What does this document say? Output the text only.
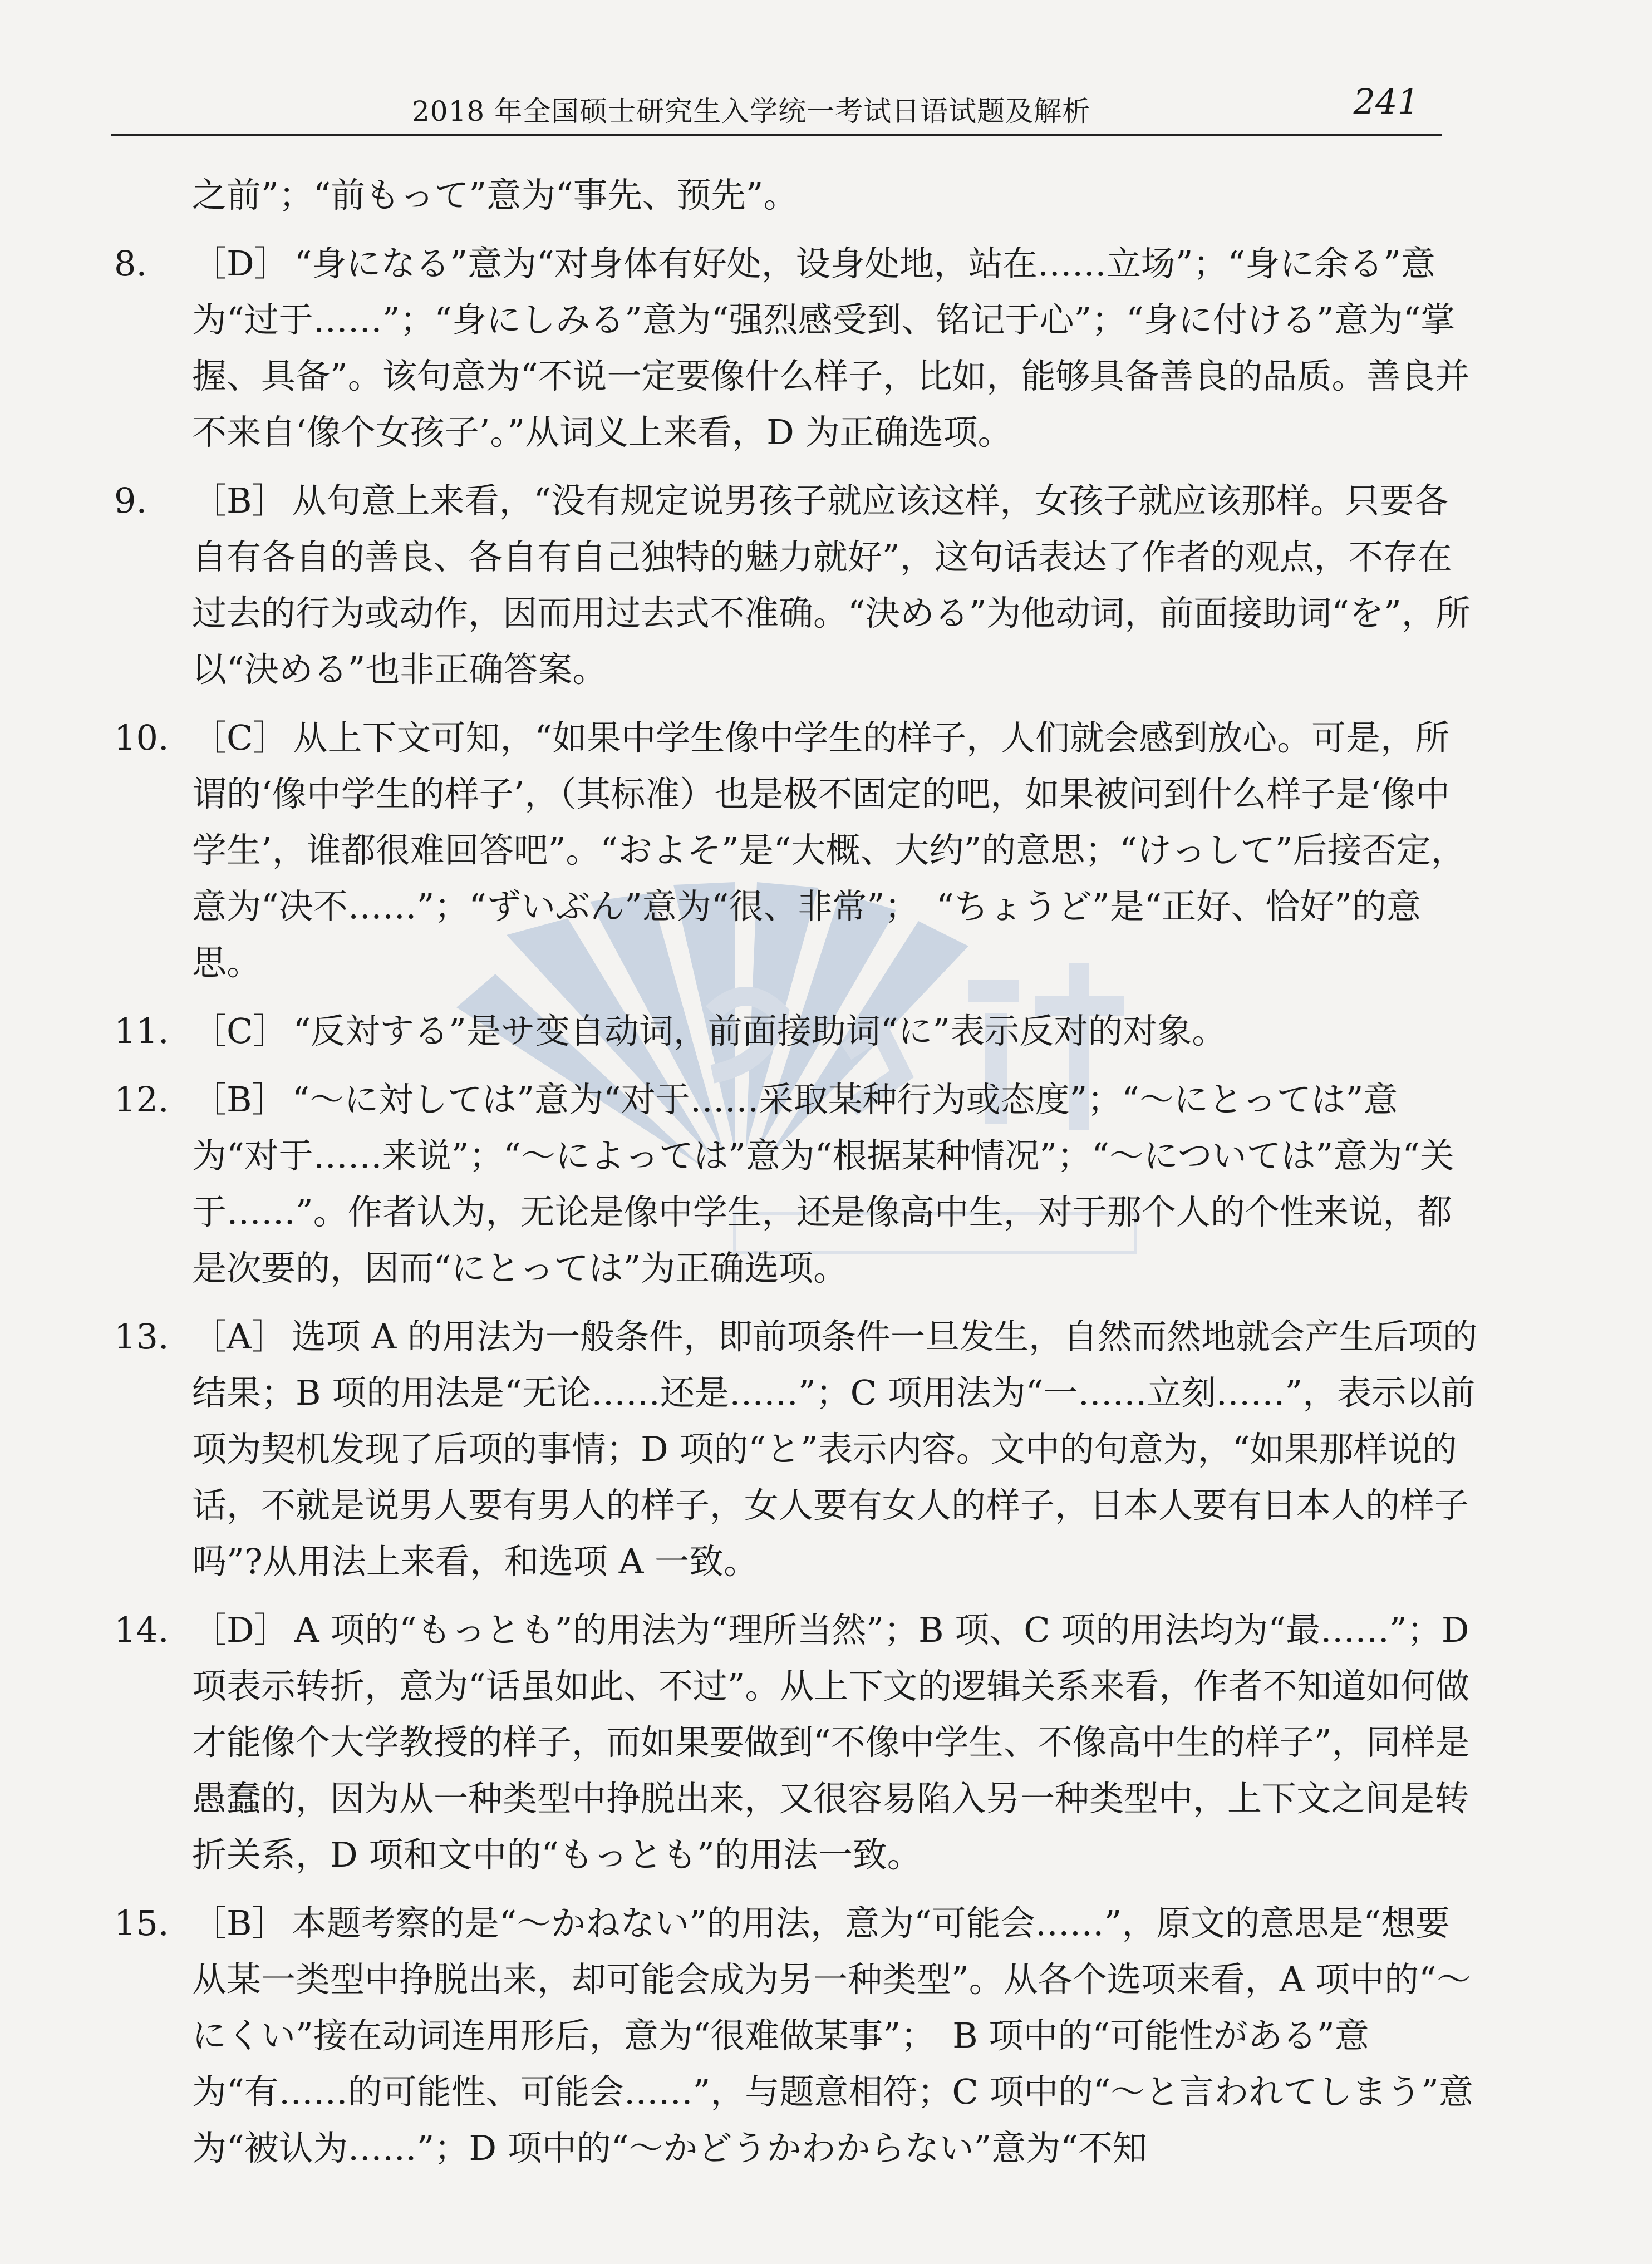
2018 年全国硕士研究生入学统一考试日语试题及解析	241
之前”；“前もって”意为“事先、预先”。
8. ［D］ “身になる”意为“对身体有好处，设身处地，站在……立场”；“身に余る”意为“过于……”；“身にしみる”意为“强烈感受到、铭记于心”；“身に付ける”意为“掌握、具备”。该句意为“不说一定要像什么样子，比如，能够具备善良的品质。善良并不来自‘像个女孩子’。”从词义上来看，D 为正确选项。
9. ［B］ 从句意上来看，“没有规定说男孩子就应该这样，女孩子就应该那样。只要各自有各自的善良、各自有自己独特的魅力就好”，这句话表达了作者的观点，不存在过去的行为或动作，因而用过去式不准确。“決める”为他动词，前面接助词“を”，所以“決める”也非正确答案。
10. ［C］ 从上下文可知，“如果中学生像中学生的样子，人们就会感到放心。可是，所谓的‘像中学生的样子’，（其标准）也是极不固定的吧，如果被问到什么样子是‘像中学生’，谁都很难回答吧”。“およそ”是“大概、大约”的意思；“けっして”后接否定，意为“决不……”；“ずいぶん”意为“很、非常”；　“ちょうど”是“正好、恰好”的意思。
11. ［C］ “反対する”是サ变自动词，前面接助词“に”表示反对的对象。
12. ［B］ “～に対しては”意为“对于……采取某种行为或态度”；“～にとっては”意为“对于……来说”；“～によっては”意为“根据某种情况”；“～については”意为“关于……”。作者认为，无论是像中学生，还是像高中生，对于那个人的个性来说，都是次要的，因而“にとっては”为正确选项。
13. ［A］ 选项 A 的用法为一般条件，即前项条件一旦发生，自然而然地就会产生后项的结果；B 项的用法是“无论……还是……”；C 项用法为“一……立刻……”，表示以前项为契机发现了后项的事情；D 项的“と”表示内容。文中的句意为，“如果那样说的话，不就是说男人要有男人的样子，女人要有女人的样子，日本人要有日本人的样子吗”?从用法上来看，和选项 A 一致。
14. ［D］ A 项的“もっとも”的用法为“理所当然”；B 项、C 项的用法均为“最……”；D 项表示转折，意为“话虽如此、不过”。从上下文的逻辑关系来看，作者不知道如何做才能像个大学教授的样子，而如果要做到“不像中学生、不像高中生的样子”，同样是愚蠢的，因为从一种类型中挣脱出来，又很容易陷入另一种类型中，上下文之间是转折关系，D 项和文中的“もっとも”的用法一致。
15. ［B］ 本题考察的是“～かねない”的用法，意为“可能会……”，原文的意思是“想要从某一类型中挣脱出来，却可能会成为另一种类型”。从各个选项来看，A 项中的“～にくい”接在动词连用形后，意为“很难做某事”；　B 项中的“可能性がある”意为“有……的可能性、可能会……”，与题意相符；C 项中的“～と言われてしまう”意为“被认为……”；D 项中的“～かどうかわからない”意为“不知
